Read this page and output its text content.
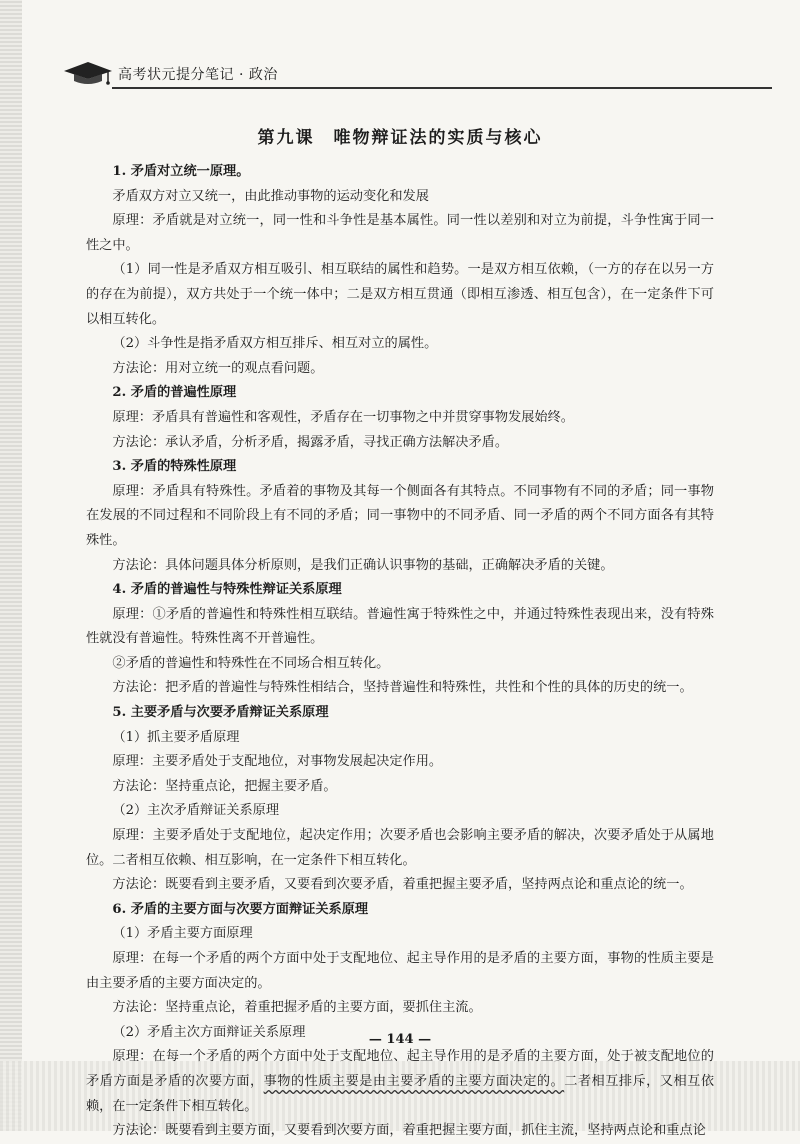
高考状元提分笔记 · 政治
第九课　唯物辩证法的实质与核心

1. 矛盾对立统一原理。

矛盾双方对立又统一，由此推动事物的运动变化和发展

原理：矛盾就是对立统一，同一性和斗争性是基本属性。同一性以差别和对立为前提，斗争性寓于同一性之中。

（1）同一性是矛盾双方相互吸引、相互联结的属性和趋势。一是双方相互依赖，（一方的存在以另一方的存在为前提），双方共处于一个统一体中；二是双方相互贯通（即相互渗透、相互包含），在一定条件下可以相互转化。

（2）斗争性是指矛盾双方相互排斥、相互对立的属性。

方法论：用对立统一的观点看问题。

2. 矛盾的普遍性原理

原理：矛盾具有普遍性和客观性，矛盾存在一切事物之中并贯穿事物发展始终。

方法论：承认矛盾，分析矛盾，揭露矛盾，寻找正确方法解决矛盾。

3. 矛盾的特殊性原理

原理：矛盾具有特殊性。矛盾着的事物及其每一个侧面各有其特点。不同事物有不同的矛盾；同一事物在发展的不同过程和不同阶段上有不同的矛盾；同一事物中的不同矛盾、同一矛盾的两个不同方面各有其特殊性。

方法论：具体问题具体分析原则，是我们正确认识事物的基础，正确解决矛盾的关键。

4. 矛盾的普遍性与特殊性辩证关系原理

原理：①矛盾的普遍性和特殊性相互联结。普遍性寓于特殊性之中，并通过特殊性表现出来，没有特殊性就没有普遍性。特殊性离不开普遍性。

②矛盾的普遍性和特殊性在不同场合相互转化。

方法论：把矛盾的普遍性与特殊性相结合，坚持普遍性和特殊性，共性和个性的具体的历史的统一。

5. 主要矛盾与次要矛盾辩证关系原理

（1）抓主要矛盾原理

原理：主要矛盾处于支配地位，对事物发展起决定作用。

方法论：坚持重点论，把握主要矛盾。

（2）主次矛盾辩证关系原理

原理：主要矛盾处于支配地位，起决定作用；次要矛盾也会影响主要矛盾的解决，次要矛盾处于从属地位。二者相互依赖、相互影响，在一定条件下相互转化。

方法论：既要看到主要矛盾，又要看到次要矛盾，着重把握主要矛盾，坚持两点论和重点论的统一。

6. 矛盾的主要方面与次要方面辩证关系原理

（1）矛盾主要方面原理

原理：在每一个矛盾的两个方面中处于支配地位、起主导作用的是矛盾的主要方面，事物的性质主要是由主要矛盾的主要方面决定的。

方法论：坚持重点论，着重把握矛盾的主要方面，要抓住主流。

（2）矛盾主次方面辩证关系原理

原理：在每一个矛盾的两个方面中处于支配地位、起主导作用的是矛盾的主要方面，处于被支配地位的矛盾方面是矛盾的次要方面，事物的性质主要是由主要矛盾的主要方面决定的。二者相互排斥，又相互依赖，在一定条件下相互转化。

方法论：既要看到主要方面，又要看到次要方面，着重把握主要方面，抓住主流，坚持两点论和重点论

— 144 —
